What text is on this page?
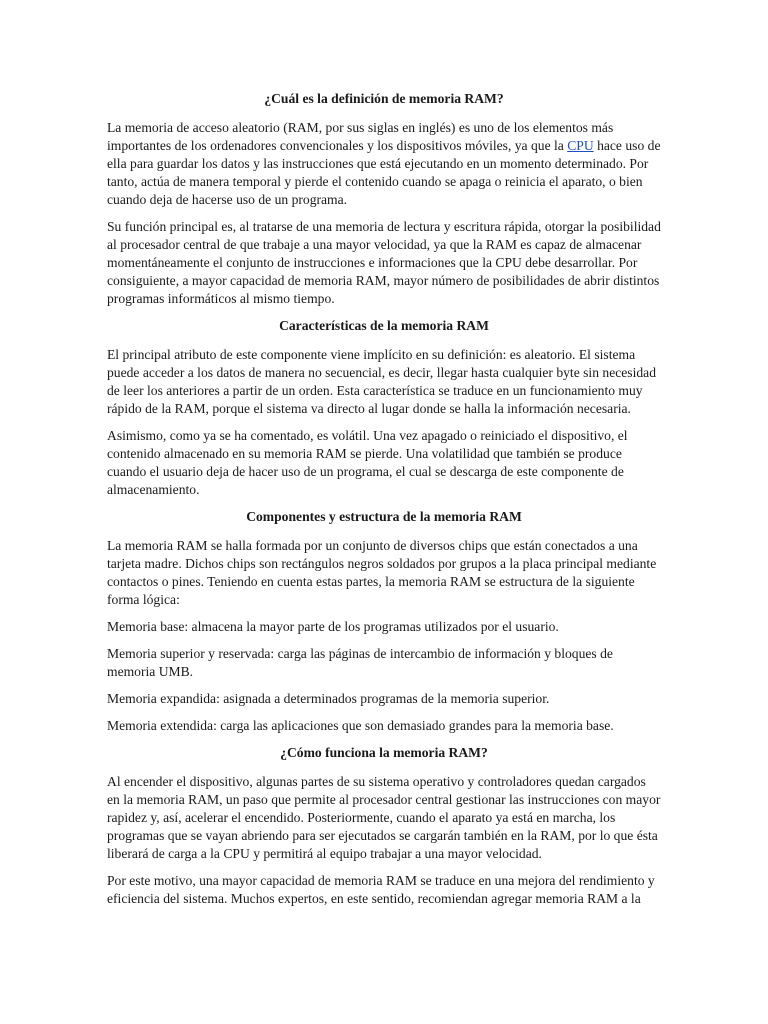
¿Cuál es la definición de memoria RAM?

La memoria de acceso aleatorio (RAM, por sus siglas en inglés) es uno de los elementos más importantes de los ordenadores convencionales y los dispositivos móviles, ya que la CPU hace uso de ella para guardar los datos y las instrucciones que está ejecutando en un momento determinado. Por tanto, actúa de manera temporal y pierde el contenido cuando se apaga o reinicia el aparato, o bien cuando deja de hacerse uso de un programa.

Su función principal es, al tratarse de una memoria de lectura y escritura rápida, otorgar la posibilidad al procesador central de que trabaje a una mayor velocidad, ya que la RAM es capaz de almacenar momentáneamente el conjunto de instrucciones e informaciones que la CPU debe desarrollar. Por consiguiente, a mayor capacidad de memoria RAM, mayor número de posibilidades de abrir distintos programas informáticos al mismo tiempo.

Características de la memoria RAM

El principal atributo de este componente viene implícito en su definición: es aleatorio. El sistema puede acceder a los datos de manera no secuencial, es decir, llegar hasta cualquier byte sin necesidad de leer los anteriores a partir de un orden. Esta característica se traduce en un funcionamiento muy rápido de la RAM, porque el sistema va directo al lugar donde se halla la información necesaria.

Asimismo, como ya se ha comentado, es volátil. Una vez apagado o reiniciado el dispositivo, el contenido almacenado en su memoria RAM se pierde. Una volatilidad que también se produce cuando el usuario deja de hacer uso de un programa, el cual se descarga de este componente de almacenamiento.

Componentes y estructura de la memoria RAM

La memoria RAM se halla formada por un conjunto de diversos chips que están conectados a una tarjeta madre. Dichos chips son rectángulos negros soldados por grupos a la placa principal mediante contactos o pines. Teniendo en cuenta estas partes, la memoria RAM se estructura de la siguiente forma lógica:

Memoria base: almacena la mayor parte de los programas utilizados por el usuario.

Memoria superior y reservada: carga las páginas de intercambio de información y bloques de memoria UMB.

Memoria expandida: asignada a determinados programas de la memoria superior.

Memoria extendida: carga las aplicaciones que son demasiado grandes para la memoria base.

¿Cómo funciona la memoria RAM?

Al encender el dispositivo, algunas partes de su sistema operativo y controladores quedan cargados en la memoria RAM, un paso que permite al procesador central gestionar las instrucciones con mayor rapidez y, así, acelerar el encendido. Posteriormente, cuando el aparato ya está en marcha, los programas que se vayan abriendo para ser ejecutados se cargarán también en la RAM, por lo que ésta liberará de carga a la CPU y permitirá al equipo trabajar a una mayor velocidad.

Por este motivo, una mayor capacidad de memoria RAM se traduce en una mejora del rendimiento y eficiencia del sistema. Muchos expertos, en este sentido, recomiendan agregar memoria RAM a la
